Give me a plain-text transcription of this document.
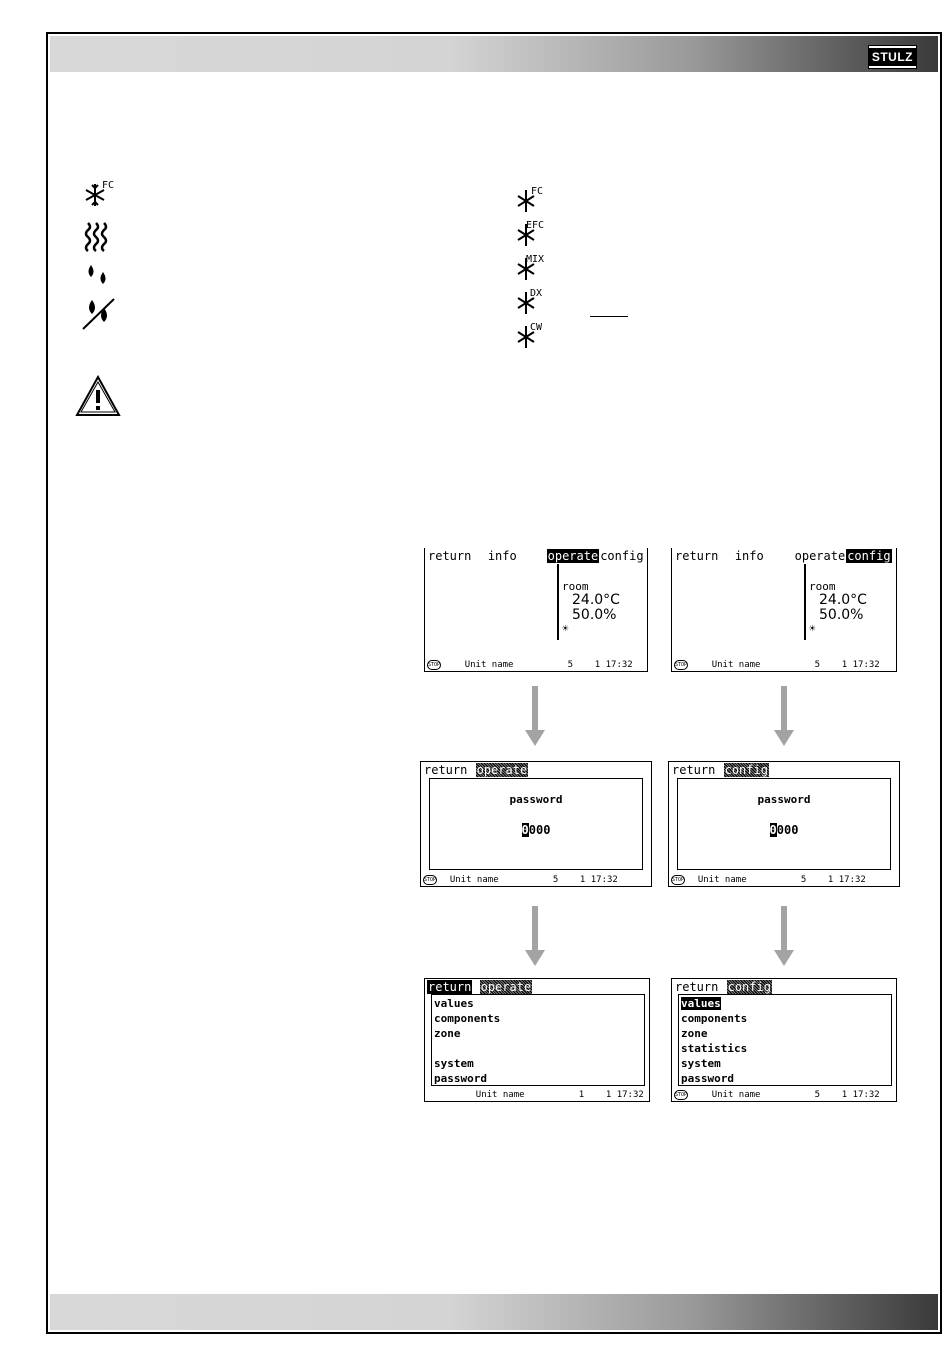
STULZ
FC
FC
EFC
MIX
DX
CW
return info	operate config
room
24.0°C
50.0%
☀
STOP	Unit name	5 1 17:32
return info	operate config
room
24.0°C
50.0%
☀
STOP	Unit name	5 1 17:32
return operate
password
0000
STOP Unit name	5 1 17:32
return config
password
0000
STOP Unit name	5 1 17:32
return operate
values
components
zone
system
password
Unit name	1 1 17:32
return config
values
components
zone
statistics
system
password
STOP	Unit name	5 1 17:32
